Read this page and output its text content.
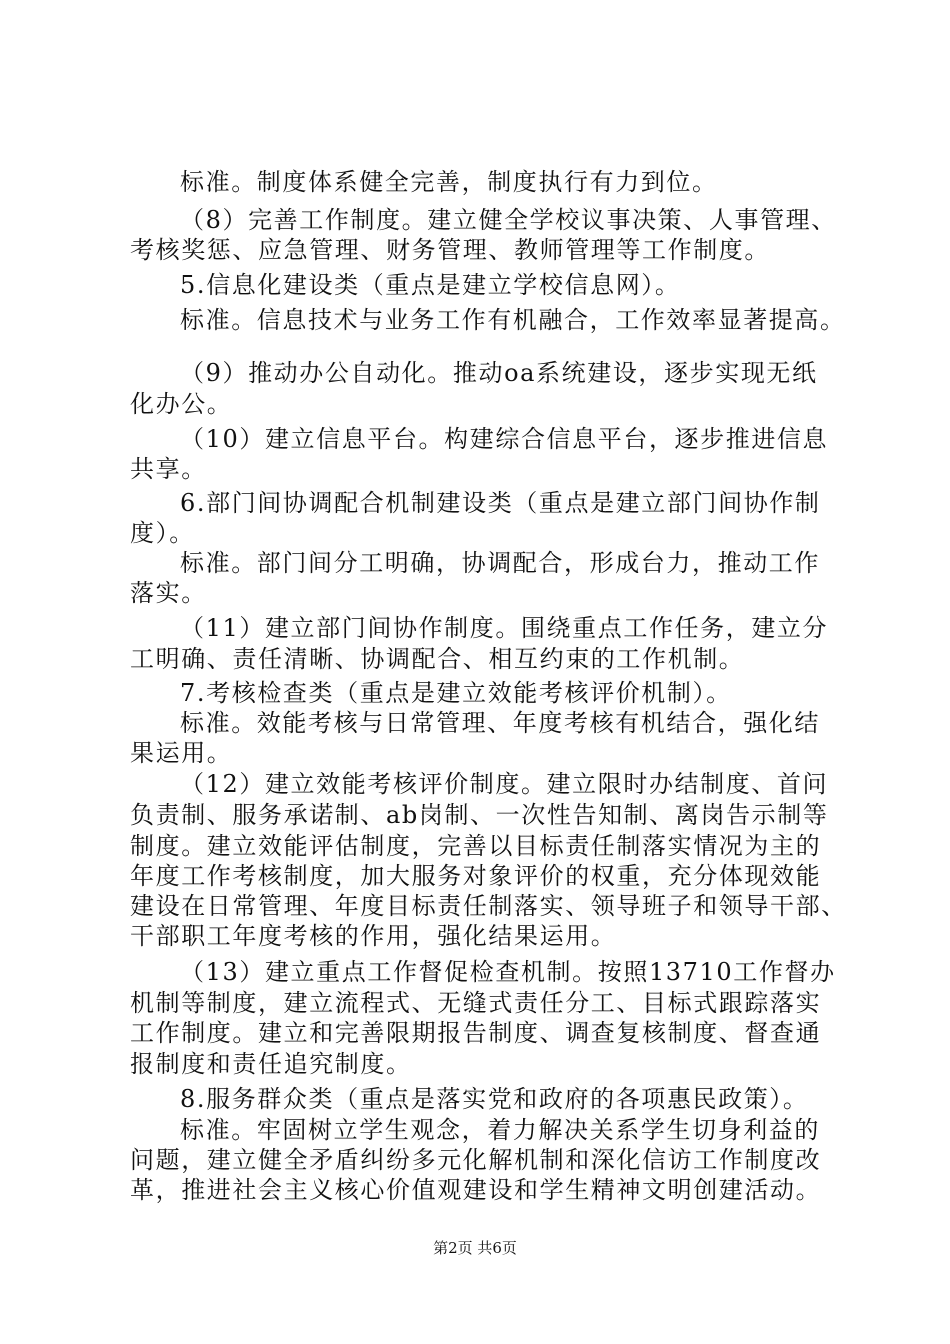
标准。制度体系健全完善，制度执行有力到位。
（8）完善工作制度。建立健全学校议事决策、人事管理、
考核奖惩、应急管理、财务管理、教师管理等工作制度。
5.信息化建设类（重点是建立学校信息网）。
标准。信息技术与业务工作有机融合，工作效率显著提高。
（9）推动办公自动化。推动oa系统建设，逐步实现无纸
化办公。
（10）建立信息平台。构建综合信息平台，逐步推进信息
共享。
6.部门间协调配合机制建设类（重点是建立部门间协作制
度）。
标准。部门间分工明确，协调配合，形成台力，推动工作
落实。
（11）建立部门间协作制度。围绕重点工作任务，建立分
工明确、责任清晰、协调配合、相互约束的工作机制。
7.考核检查类（重点是建立效能考核评价机制）。
标准。效能考核与日常管理、年度考核有机结合，强化结
果运用。
（12）建立效能考核评价制度。建立限时办结制度、首问
负责制、服务承诺制、ab岗制、一次性告知制、离岗告示制等
制度。建立效能评估制度，完善以目标责任制落实情况为主的
年度工作考核制度，加大服务对象评价的权重，充分体现效能
建设在日常管理、年度目标责任制落实、领导班子和领导干部、
干部职工年度考核的作用，强化结果运用。
（13）建立重点工作督促检查机制。按照13710工作督办
机制等制度，建立流程式、无缝式责任分工、目标式跟踪落实
工作制度。建立和完善限期报告制度、调查复核制度、督查通
报制度和责任追究制度。
8.服务群众类（重点是落实党和政府的各项惠民政策）。
标准。牢固树立学生观念，着力解决关系学生切身利益的
问题，建立健全矛盾纠纷多元化解机制和深化信访工作制度改
革，推进社会主义核心价值观建设和学生精神文明创建活动。
第2页 共6页
